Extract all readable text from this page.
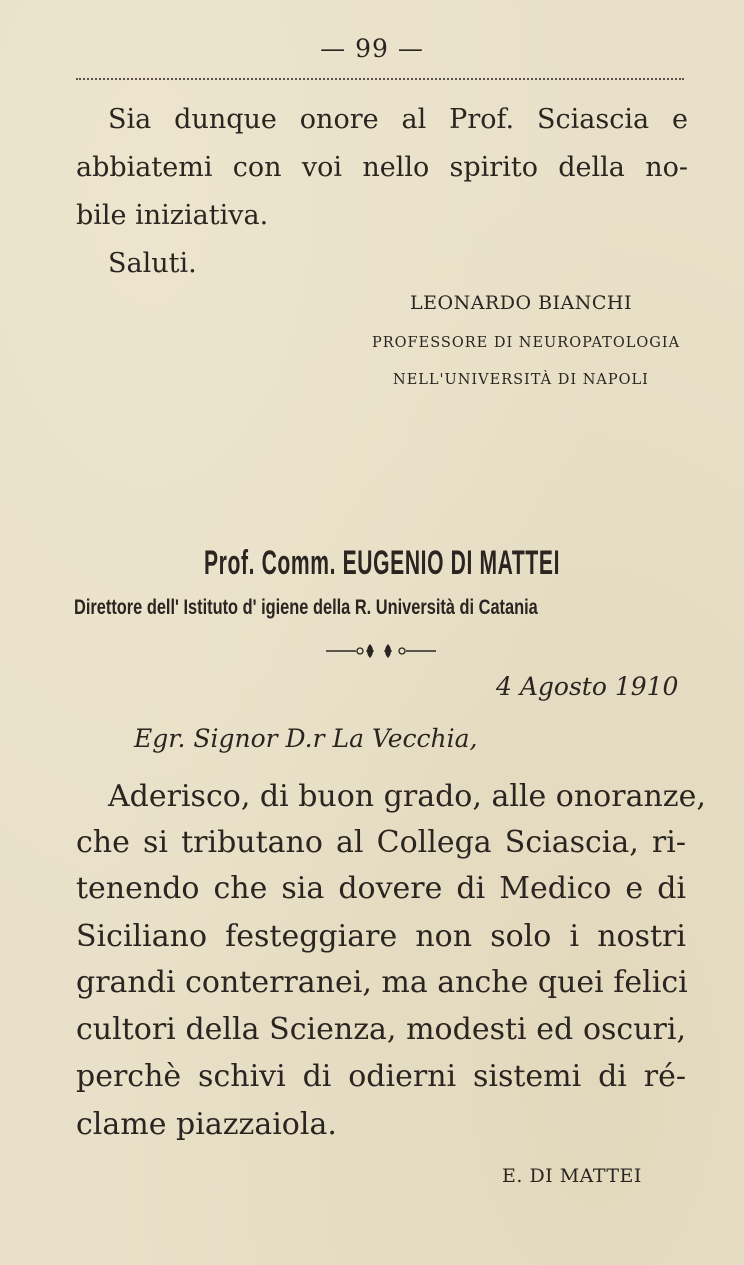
— 99 —
Sia dunque onore al Prof. Sciascia e
abbiatemi con voi nello spirito della no-
bile iniziativa.
Saluti.
LEONARDO BIANCHI
PROFESSORE DI NEUROPATOLOGIA
NELL'UNIVERSITÀ DI NAPOLI
Prof. Comm. EUGENIO DI MATTEI
Direttore dell' Istituto d' igiene della R. Università di Catania
4 Agosto 1910
Egr. Signor D.r La Vecchia,
Aderisco, di buon grado, alle onoranze,
che si tributano al Collega Sciascia, ri-
tenendo che sia dovere di Medico e di
Siciliano festeggiare non solo i nostri
grandi conterranei, ma anche quei felici
cultori della Scienza, modesti ed oscuri,
perchè schivi di odierni sistemi di ré-
clame piazzaiola.
E. DI MATTEI
